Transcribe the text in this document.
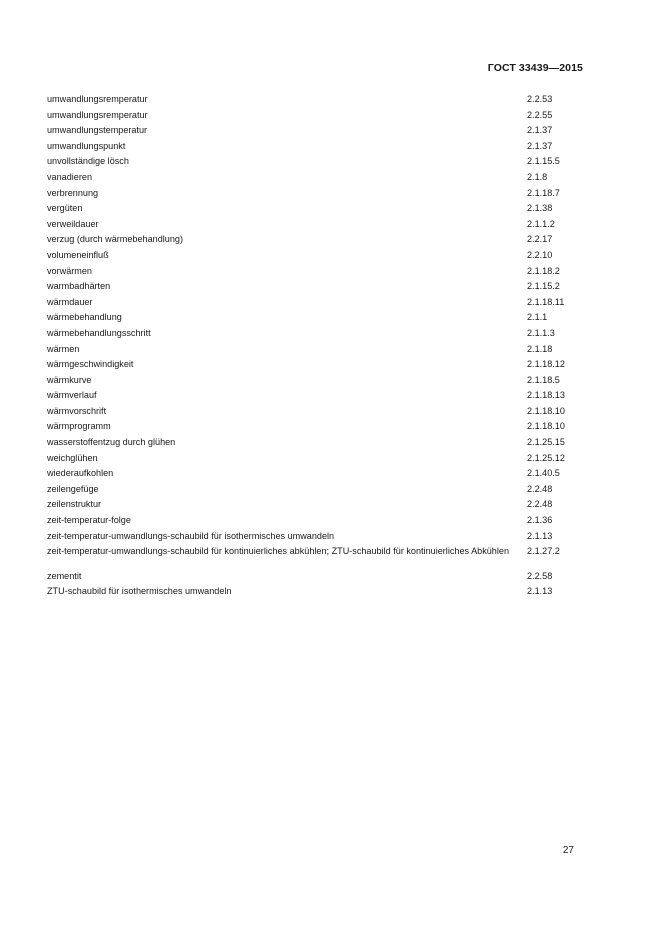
ГОСТ 33439—2015
umwandlungsremperatur	2.2.53
umwandlungsremperatur	2.2.55
umwandlungstemperatur	2.1.37
umwandlungspunkt	2.1.37
unvollständige lösch	2.1.15.5
vanadieren	2.1.8
verbrennung	2.1.18.7
vergüten	2.1.38
verweildauer	2.1.1.2
verzug (durch wärmebehandlung)	2.2.17
volumeneinfluß	2.2.10
vorwärmen	2.1.18.2
warmbadhärten	2.1.15.2
wärmdauer	2.1.18.11
wärmebehandlung	2.1.1
wärmebehandlungsschritt	2.1.1.3
wärmen	2.1.18
wärmgeschwindigkeit	2.1.18.12
wärmkurve	2.1.18.5
wärmverlauf	2.1.18.13
wärmvorschrift	2.1.18.10
wärmprogramm	2.1.18.10
wasserstoffentzug durch glühen	2.1.25.15
weichglühen	2.1.25.12
wiederaufkohlen	2.1.40.5
zeilengefüge	2.2.48
zeilenstruktur	2.2.48
zeit-temperatur-folge	2.1.36
zeit-temperatur-umwandlungs-schaubild für isothermisches umwandeln	2.1.13
zeit-temperatur-umwandlungs-schaubild für kontinuierliches abkühlen; ZTU-schaubild für kontinuierliches Abkühlen	2.1.27.2
zementit	2.2.58
ZTU-schaubild für isothermisches umwandeln	2.1.13
27
